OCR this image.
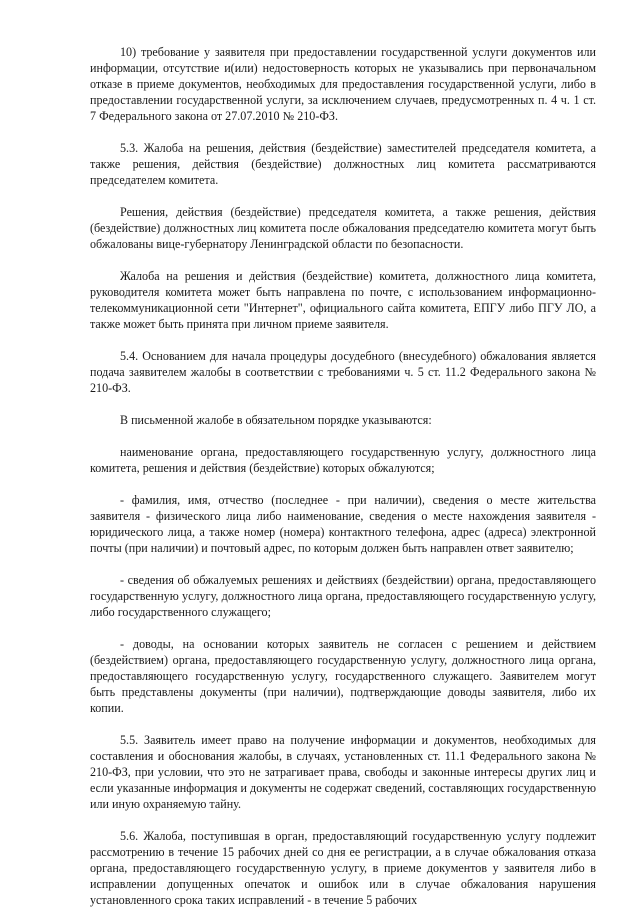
10) требование у заявителя при предоставлении государственной услуги документов или информации, отсутствие и(или) недостоверность которых не указывались при первоначальном отказе в приеме документов, необходимых для предоставления государственной услуги, либо в предоставлении государственной услуги, за исключением случаев, предусмотренных п. 4 ч. 1 ст. 7 Федерального закона от 27.07.2010 № 210-ФЗ.

5.3. Жалоба на решения, действия (бездействие) заместителей председателя комитета, а также решения, действия (бездействие) должностных лиц комитета рассматриваются председателем комитета.

Решения, действия (бездействие) председателя комитета, а также решения, действия (бездействие) должностных лиц комитета после обжалования председателю комитета могут быть обжалованы вице-губернатору Ленинградской области по безопасности.

Жалоба на решения и действия (бездействие) комитета, должностного лица комитета, руководителя комитета может быть направлена по почте, с использованием информационно-телекоммуникационной сети "Интернет", официального сайта комитета, ЕПГУ либо ПГУ ЛО, а также может быть принята при личном приеме заявителя.

5.4. Основанием для начала процедуры досудебного (внесудебного) обжалования является подача заявителем жалобы в соответствии с требованиями ч. 5 ст. 11.2 Федерального закона № 210-ФЗ.

В письменной жалобе в обязательном порядке указываются:

наименование органа, предоставляющего государственную услугу, должностного лица комитета, решения и действия (бездействие) которых обжалуются;

- фамилия, имя, отчество (последнее - при наличии), сведения о месте жительства заявителя - физического лица либо наименование, сведения о месте нахождения заявителя - юридического лица, а также номер (номера) контактного телефона, адрес (адреса) электронной почты (при наличии) и почтовый адрес, по которым должен быть направлен ответ заявителю;

- сведения об обжалуемых решениях и действиях (бездействии) органа, предоставляющего государственную услугу, должностного лица органа, предоставляющего государственную услугу, либо государственного служащего;

- доводы, на основании которых заявитель не согласен с решением и действием (бездействием) органа, предоставляющего государственную услугу, должностного лица органа, предоставляющего государственную услугу, государственного служащего. Заявителем могут быть представлены документы (при наличии), подтверждающие доводы заявителя, либо их копии.

5.5. Заявитель имеет право на получение информации и документов, необходимых для составления и обоснования жалобы, в случаях, установленных ст. 11.1 Федерального закона № 210-ФЗ, при условии, что это не затрагивает права, свободы и законные интересы других лиц и если указанные информация и документы не содержат сведений, составляющих государственную или иную охраняемую тайну.

5.6. Жалоба, поступившая в орган, предоставляющий государственную услугу подлежит рассмотрению в течение 15 рабочих дней со дня ее регистрации, а в случае обжалования отказа органа, предоставляющего государственную услугу, в приеме документов у заявителя либо в исправлении допущенных опечаток и ошибок или в случае обжалования нарушения установленного срока таких исправлений - в течение 5 рабочих
